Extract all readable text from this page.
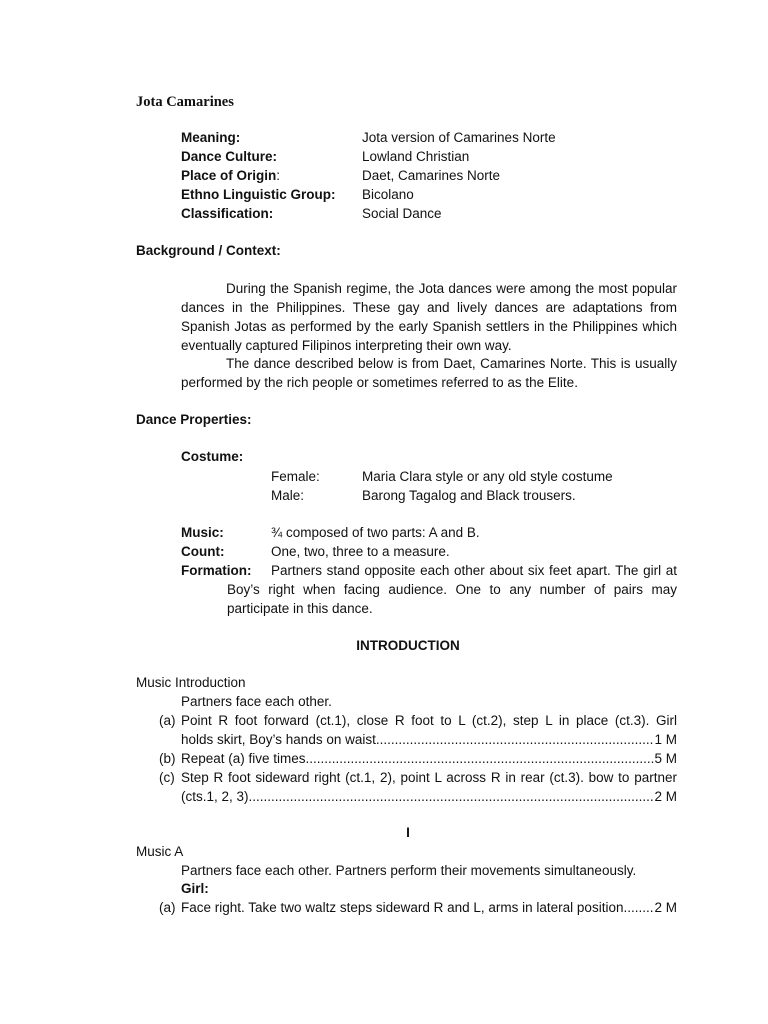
Jota Camarines
Meaning:	Jota version of Camarines Norte
Dance Culture:	Lowland Christian
Place of Origin:	Daet, Camarines Norte
Ethno Linguistic Group: Bicolano
Classification:	Social Dance
Background / Context:
During the Spanish regime, the Jota dances were among the most popular dances in the Philippines. These gay and lively dances are adaptations from Spanish Jotas as performed by the early Spanish settlers in the Philippines which eventually captured Filipinos interpreting their own way.
The dance described below is from Daet, Camarines Norte. This is usually performed by the rich people or sometimes referred to as the Elite.
Dance Properties:
Costume:
Female:	Maria Clara style or any old style costume
Male:	Barong Tagalog and Black trousers.
Music:	¾ composed of two parts: A and B.
Count:	One, two, three to a measure.
Formation:	Partners stand opposite each other about six feet apart. The girl at Boy’s right when facing audience. One to any number of pairs may participate in this dance.
INTRODUCTION
Music Introduction
Partners face each other.
(a) Point R foot forward (ct.1), close R foot to L (ct.2), step L in place (ct.3). Girl
holds skirt, Boy’s hands on waist .....	1 M
(b) Repeat (a) five times .....	5 M
(c) Step R foot sideward right (ct.1, 2), point L across R in rear (ct.3). bow to partner
(cts.1, 2, 3) .....	2 M
I
Music A
Partners face each other. Partners perform their movements simultaneously.
Girl:
(a) Face right. Take two waltz steps sideward R and L, arms in lateral position ..... 2 M
